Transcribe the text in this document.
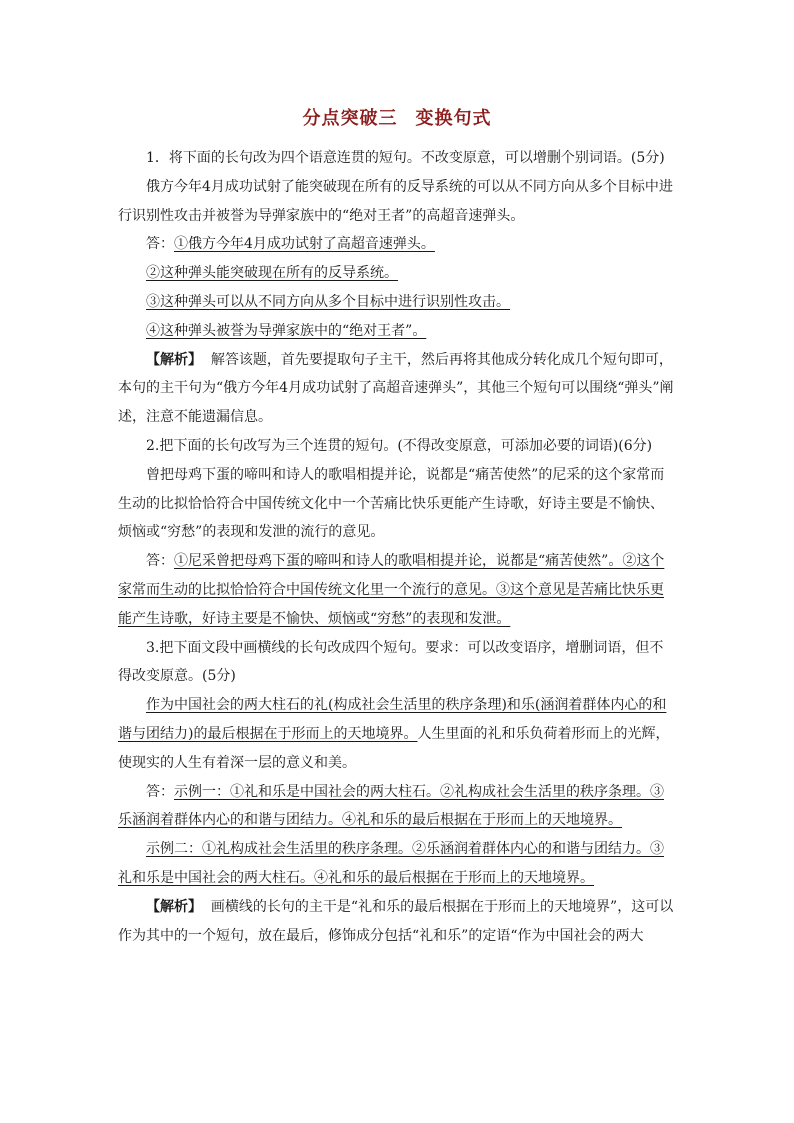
分点突破三 变换句式

1．将下面的长句改为四个语意连贯的短句。不改变原意，可以增删个别词语。(5分)

俄方今年4月成功试射了能突破现在所有的反导系统的可以从不同方向从多个目标中进行识别性攻击并被誉为导弹家族中的“绝对王者”的高超音速弹头。

答：①俄方今年4月成功试射了高超音速弹头。

②这种弹头能突破现在所有的反导系统。

③这种弹头可以从不同方向从多个目标中进行识别性攻击。

④这种弹头被誉为导弹家族中的“绝对王者”。

【解析】 解答该题，首先要提取句子主干，然后再将其他成分转化成几个短句即可，本句的主干句为“俄方今年4月成功试射了高超音速弹头”，其他三个短句可以围绕“弹头”阐述，注意不能遗漏信息。

2.把下面的长句改写为三个连贯的短句。(不得改变原意，可添加必要的词语)(6分)

曾把母鸡下蛋的啼叫和诗人的歌唱相提并论，说都是“痛苦使然”的尼采的这个家常而生动的比拟恰恰符合中国传统文化中一个苦痛比快乐更能产生诗歌，好诗主要是不愉快、烦恼或“穷愁”的表现和发泄的流行的意见。

答：①尼采曾把母鸡下蛋的啼叫和诗人的歌唱相提并论，说都是“痛苦使然”。②这个家常而生动的比拟恰恰符合中国传统文化里一个流行的意见。③这个意见是苦痛比快乐更能产生诗歌，好诗主要是不愉快、烦恼或“穷愁”的表现和发泄。

3.把下面文段中画横线的长句改成四个短句。要求：可以改变语序，增删词语，但不得改变原意。(5分)

作为中国社会的两大柱石的礼(构成社会生活里的秩序条理)和乐(涵润着群体内心的和谐与团结力)的最后根据在于形而上的天地境界。人生里面的礼和乐负荷着形而上的光辉，使现实的人生有着深一层的意义和美。

答：示例一：①礼和乐是中国社会的两大柱石。②礼构成社会生活里的秩序条理。③乐涵润着群体内心的和谐与团结力。④礼和乐的最后根据在于形而上的天地境界。

示例二：①礼构成社会生活里的秩序条理。②乐涵润着群体内心的和谐与团结力。③礼和乐是中国社会的两大柱石。④礼和乐的最后根据在于形而上的天地境界。

【解析】 画横线的长句的主干是“礼和乐的最后根据在于形而上的天地境界”，这可以作为其中的一个短句，放在最后，修饰成分包括“礼和乐”的定语“作为中国社会的两大
